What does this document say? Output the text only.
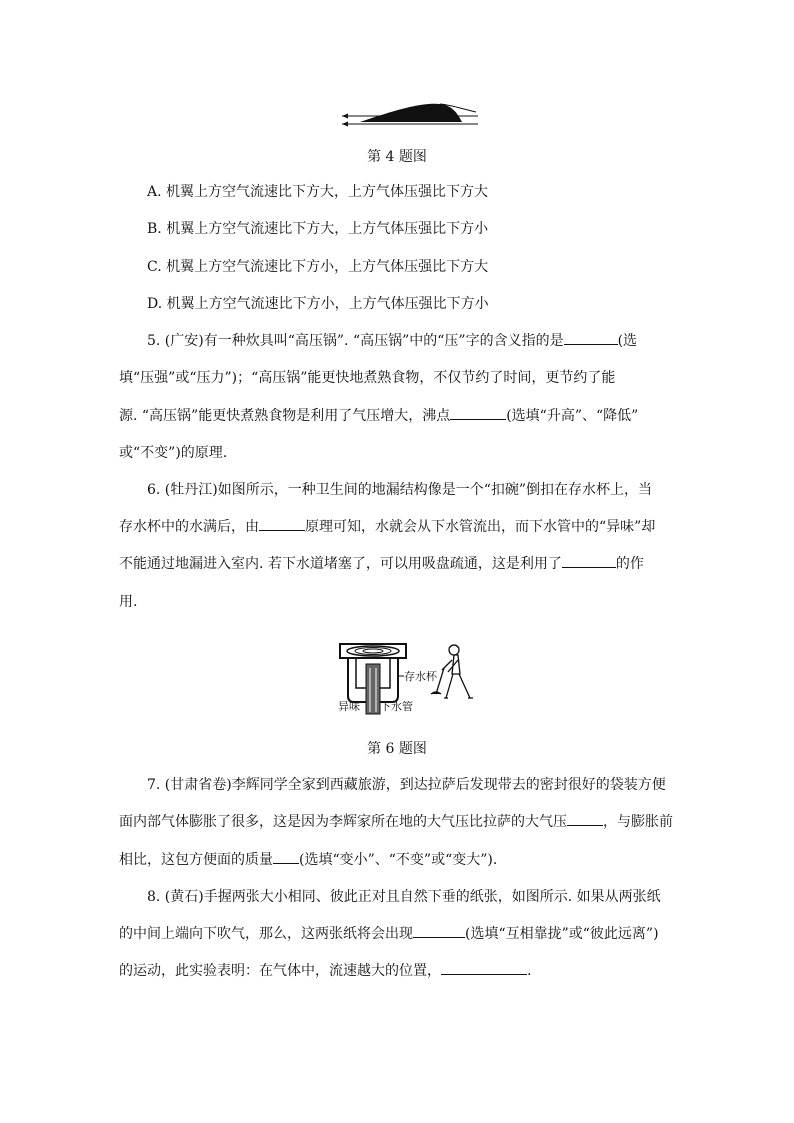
第 4 题图
A. 机翼上方空气流速比下方大，上方气体压强比下方大
B. 机翼上方空气流速比下方大，上方气体压强比下方小
C. 机翼上方空气流速比下方小，上方气体压强比下方大
D. 机翼上方空气流速比下方小，上方气体压强比下方小
5. (广安)有一种炊具叫“高压锅”. “高压锅”中的“压”字的含义指的是	(选
填“压强”或“压力”)；“高压锅”能更快地煮熟食物，不仅节约了时间，更节约了能
源. “高压锅”能更快煮熟食物是利用了气压增大，沸点	(选填“升高”、“降低”
或“不变”)的原理.
6. (牡丹江)如图所示，一种卫生间的地漏结构像是一个“扣碗”倒扣在存水杯上，当
存水杯中的水满后，由	原理可知，水就会从下水管流出，而下水管中的“异味”却
不能通过地漏进入室内. 若下水道堵塞了，可以用吸盘疏通，这是利用了	的作
用.
存水杯
异味 下水管
第 6 题图
7. (甘肃省卷)李辉同学全家到西藏旅游，到达拉萨后发现带去的密封很好的袋装方便
面内部气体膨胀了很多，这是因为李辉家所在地的大气压比拉萨的大气压	，与膨胀前
相比，这包方便面的质量 (选填“变小”、“不变”或“变大”).
8. (黄石)手握两张大小相同、彼此正对且自然下垂的纸张，如图所示. 如果从两张纸
的中间上端向下吹气，那么，这两张纸将会出现	(选填“互相靠拢”或“彼此远离”)
的运动，此实验表明：在气体中，流速越大的位置，	.
